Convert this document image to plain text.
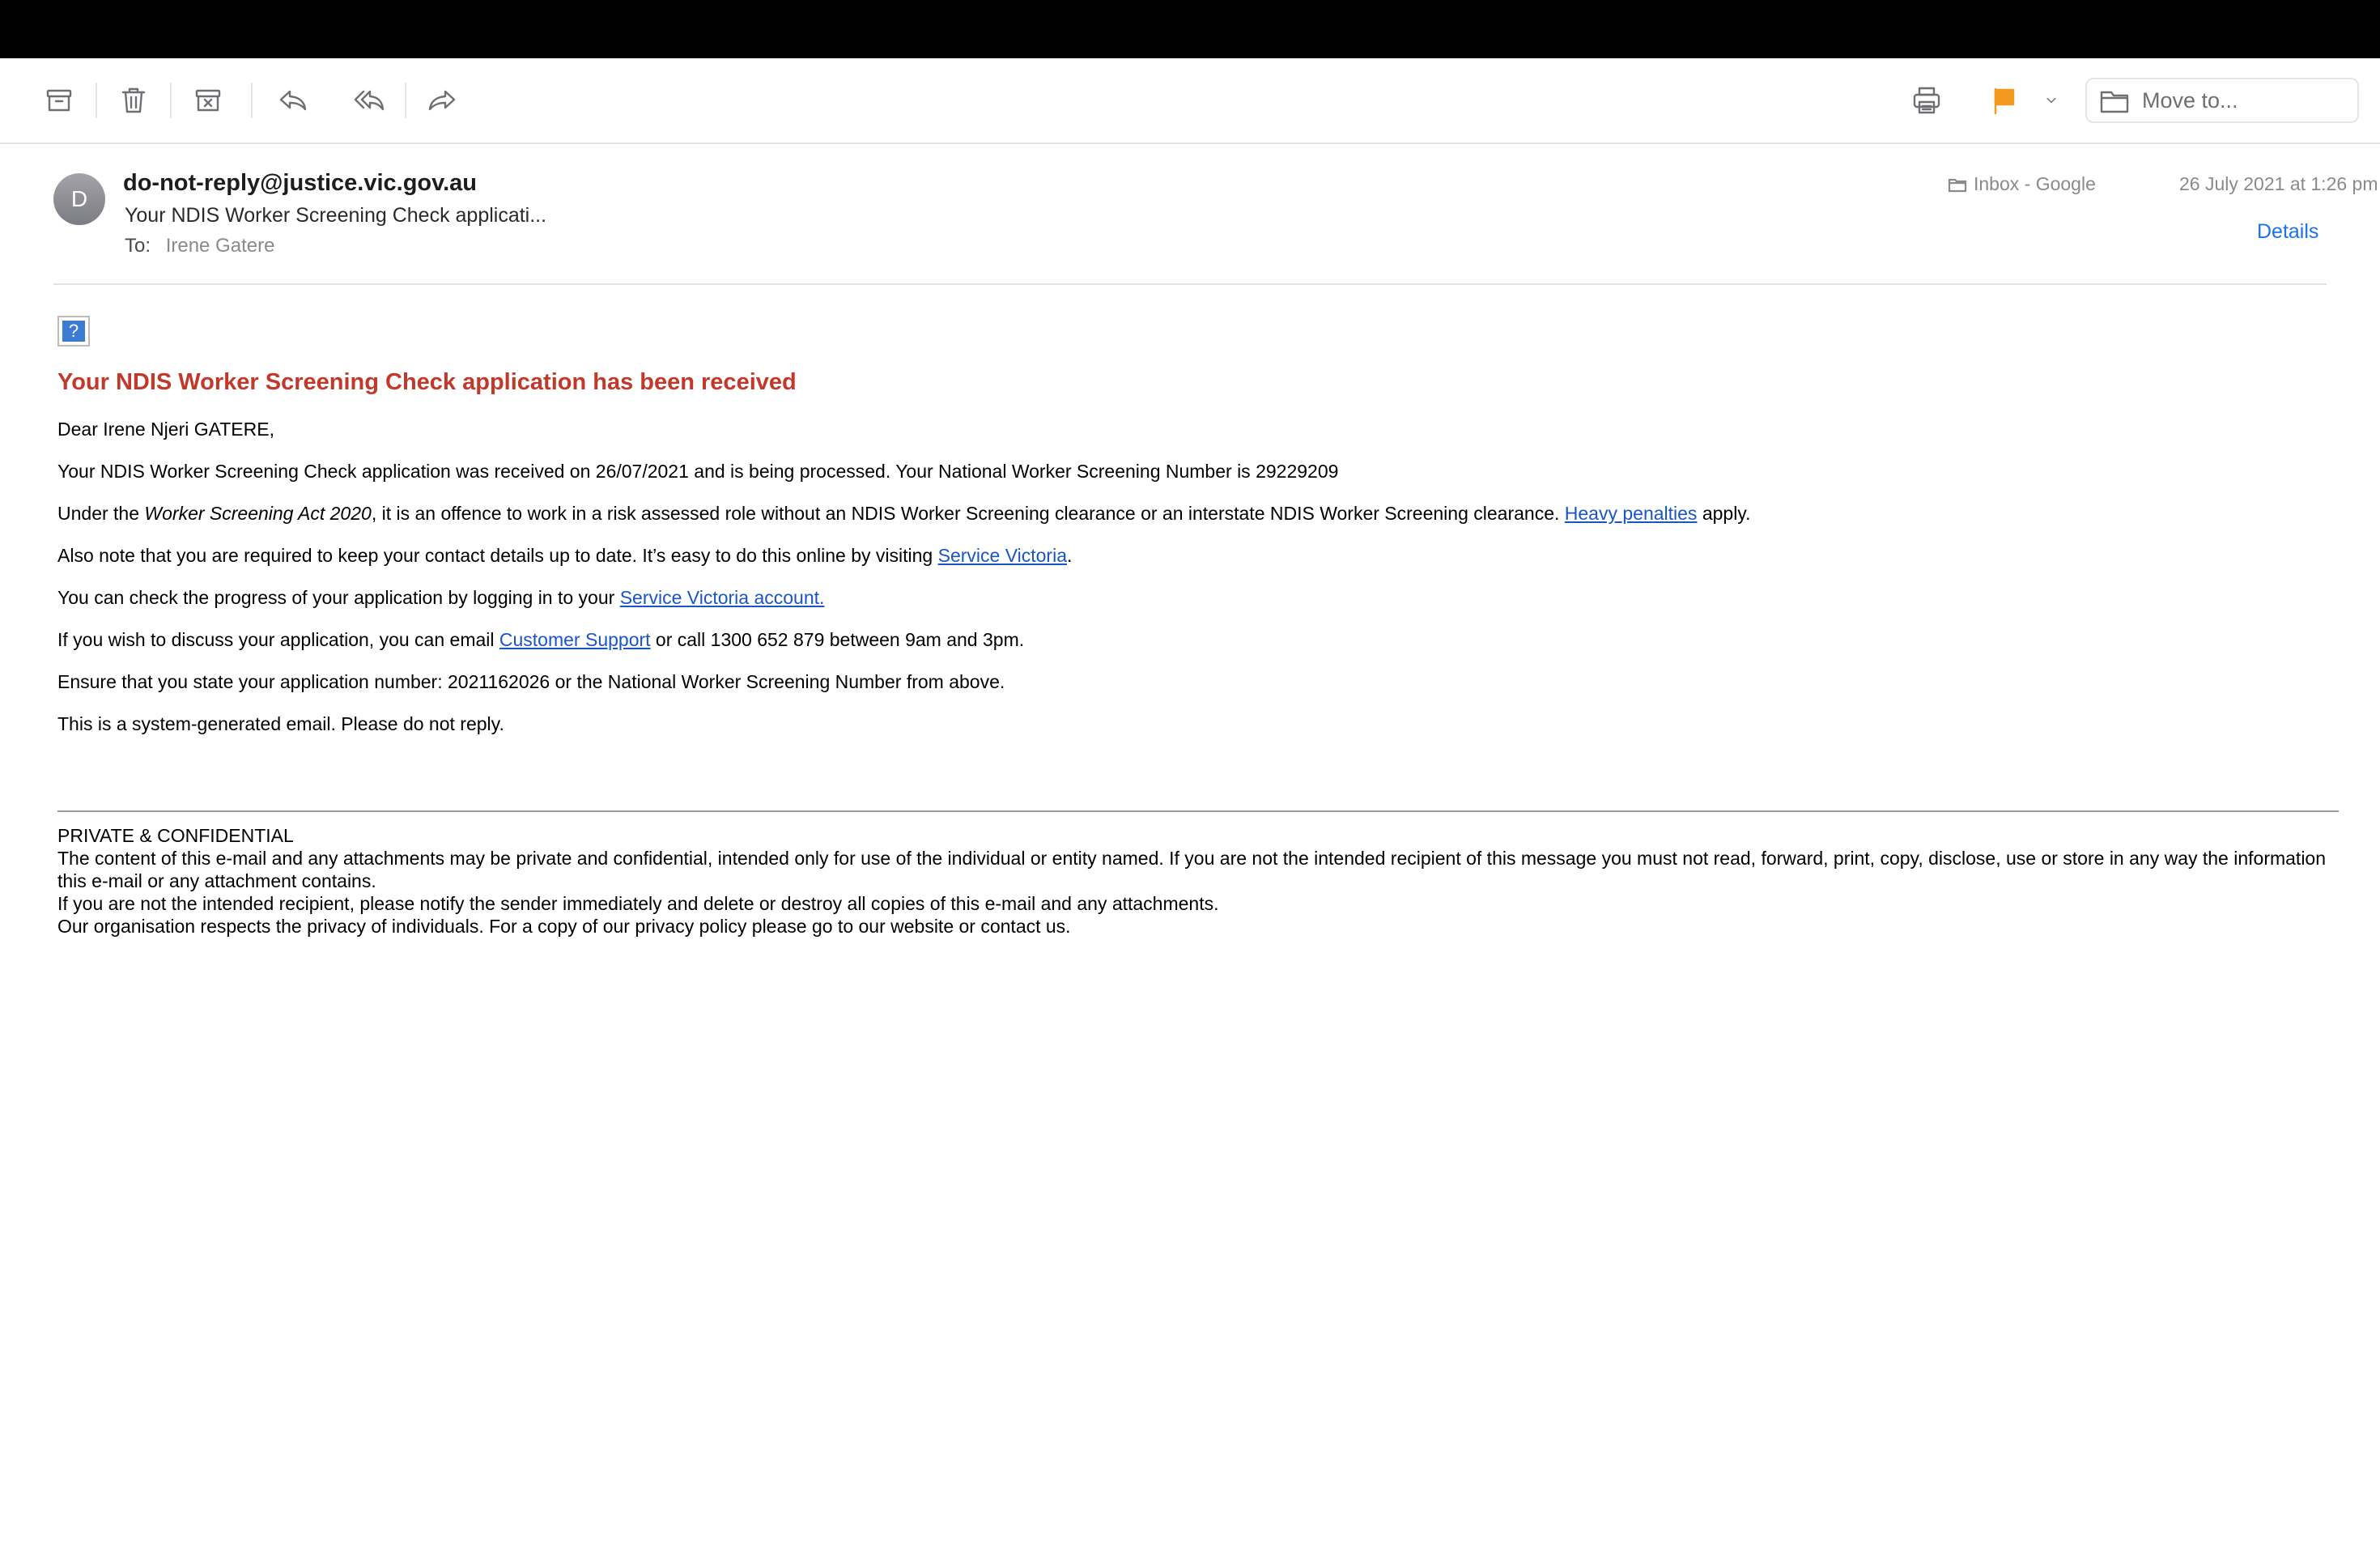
Move to...
D
do-not-reply@justice.vic.gov.au
Your NDIS Worker Screening Check applicati...
To: Irene Gatere
Inbox - Google	26 July 2021 at 1:26 pm
Details
?
Your NDIS Worker Screening Check application has been received
Dear Irene Njeri GATERE,
Your NDIS Worker Screening Check application was received on 26/07/2021 and is being processed. Your National Worker Screening Number is 29229209
Under the Worker Screening Act 2020, it is an offence to work in a risk assessed role without an NDIS Worker Screening clearance or an interstate NDIS Worker Screening clearance. Heavy penalties apply.
Also note that you are required to keep your contact details up to date. It’s easy to do this online by visiting Service Victoria.
You can check the progress of your application by logging in to your Service Victoria account.
If you wish to discuss your application, you can email Customer Support or call 1300 652 879 between 9am and 3pm.
Ensure that you state your application number: 2021162026 or the National Worker Screening Number from above.
This is a system-generated email. Please do not reply.
PRIVATE & CONFIDENTIAL
The content of this e-mail and any attachments may be private and confidential, intended only for use of the individual or entity named. If you are not the intended recipient of this message you must not read, forward, print, copy, disclose, use or store in any way the information this e-mail or any attachment contains.
If you are not the intended recipient, please notify the sender immediately and delete or destroy all copies of this e-mail and any attachments.
Our organisation respects the privacy of individuals. For a copy of our privacy policy please go to our website or contact us.
